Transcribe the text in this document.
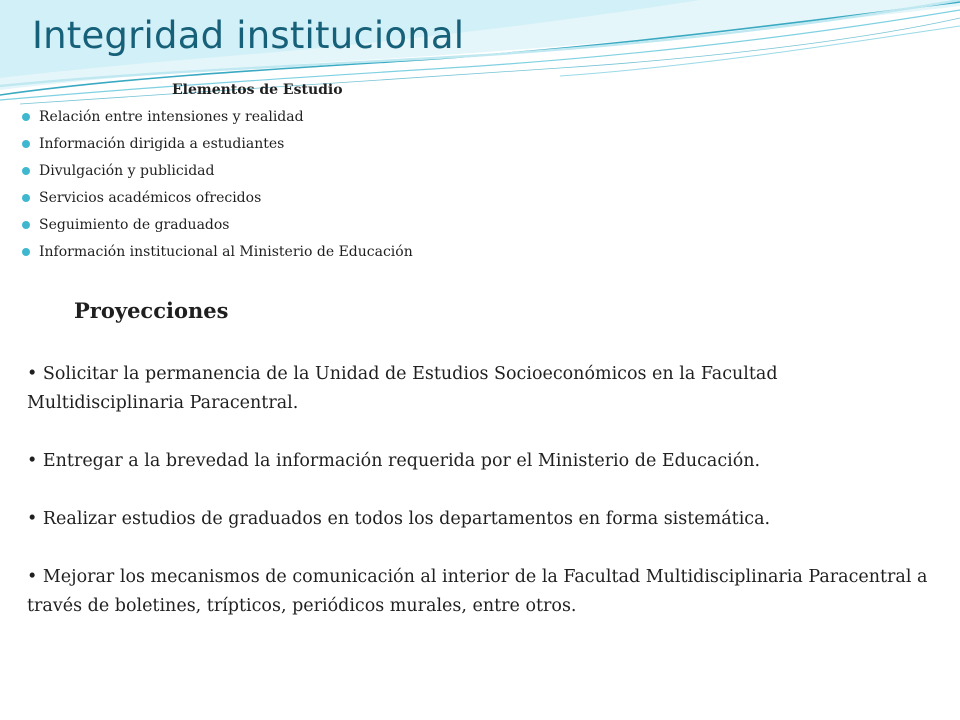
Integridad institucional
Elementos de Estudio
Relación entre intensiones y realidad
Información dirigida a estudiantes
Divulgación y publicidad
Servicios académicos ofrecidos
Seguimiento de graduados
Información institucional al Ministerio de Educación
Proyecciones

• Solicitar la permanencia de la Unidad de Estudios Socioeconómicos en la Facultad Multidisciplinaria Paracentral.

• Entregar a la brevedad la información requerida por el Ministerio de Educación.

• Realizar estudios de graduados en todos los departamentos en forma sistemática.

• Mejorar los mecanismos de comunicación al interior de la Facultad Multidisciplinaria Paracentral a través de boletines, trípticos, periódicos murales, entre otros.
